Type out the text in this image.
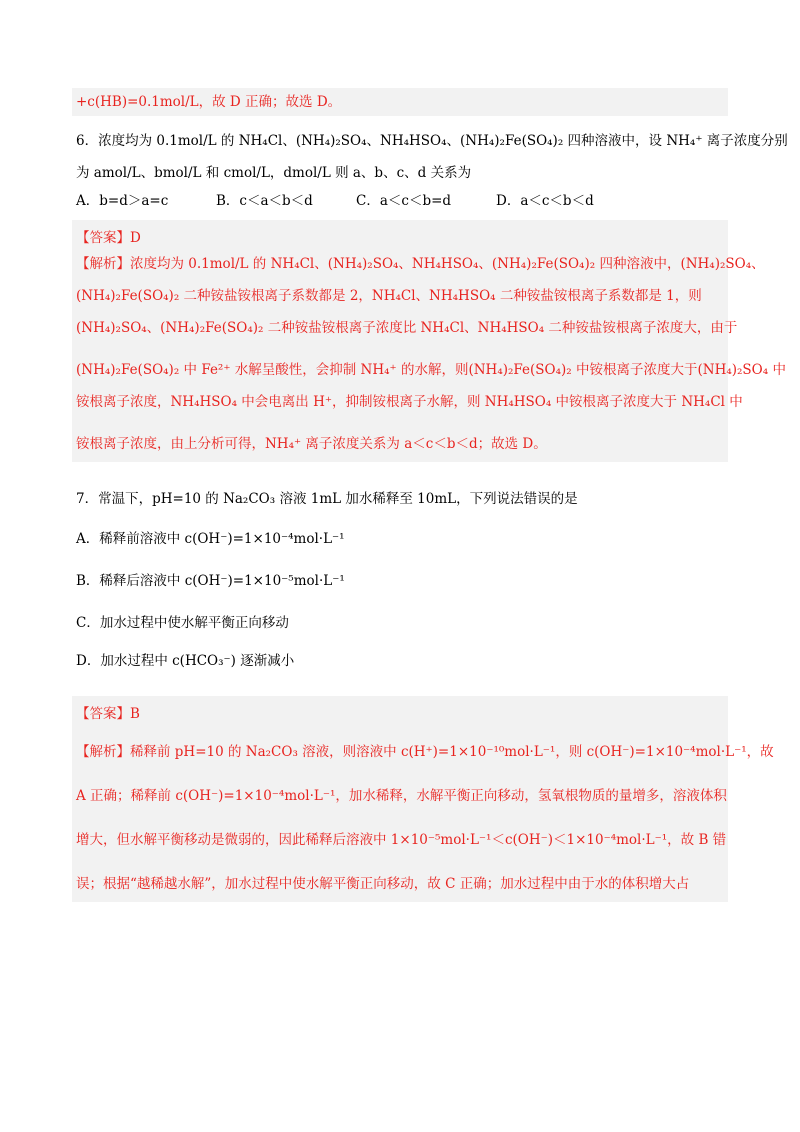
+c(HB)=0.1mol/L，故 D 正确；故选 D。
6．浓度均为 0.1mol/L 的 NH₄Cl、(NH₄)₂SO₄、NH₄HSO₄、(NH₄)₂Fe(SO₄)₂ 四种溶液中，设 NH₄⁺ 离子浓度分别
为 amol/L、bmol/L 和 cmol/L，dmol/L 则 a、b、c、d 关系为
A．b=d＞a=c	B．c＜a＜b＜d	C．a＜c＜b=d	D．a＜c＜b＜d
【答案】D
【解析】浓度均为 0.1mol/L 的 NH₄Cl、(NH₄)₂SO₄、NH₄HSO₄、(NH₄)₂Fe(SO₄)₂ 四种溶液中，(NH₄)₂SO₄、
(NH₄)₂Fe(SO₄)₂ 二种铵盐铵根离子系数都是 2，NH₄Cl、NH₄HSO₄ 二种铵盐铵根离子系数都是 1，则
(NH₄)₂SO₄、(NH₄)₂Fe(SO₄)₂ 二种铵盐铵根离子浓度比 NH₄Cl、NH₄HSO₄ 二种铵盐铵根离子浓度大，由于
(NH₄)₂Fe(SO₄)₂ 中 Fe²⁺ 水解呈酸性，会抑制 NH₄⁺ 的水解，则(NH₄)₂Fe(SO₄)₂ 中铵根离子浓度大于(NH₄)₂SO₄ 中
铵根离子浓度，NH₄HSO₄ 中会电离出 H⁺，抑制铵根离子水解，则 NH₄HSO₄ 中铵根离子浓度大于 NH₄Cl 中
铵根离子浓度，由上分析可得，NH₄⁺ 离子浓度关系为 a＜c＜b＜d；故选 D。
7．常温下，pH=10 的 Na₂CO₃ 溶液 1mL 加水稀释至 10mL，下列说法错误的是
A．稀释前溶液中 c(OH⁻)=1×10⁻⁴mol·L⁻¹
B．稀释后溶液中 c(OH⁻)=1×10⁻⁵mol·L⁻¹
C．加水过程中使水解平衡正向移动
D．加水过程中 c(HCO₃⁻) 逐渐减小
【答案】B
【解析】稀释前 pH=10 的 Na₂CO₃ 溶液，则溶液中 c(H⁺)=1×10⁻¹⁰mol·L⁻¹，则 c(OH⁻)=1×10⁻⁴mol·L⁻¹，故
A 正确；稀释前 c(OH⁻)=1×10⁻⁴mol·L⁻¹，加水稀释，水解平衡正向移动，氢氧根物质的量增多，溶液体积
增大，但水解平衡移动是微弱的，因此稀释后溶液中 1×10⁻⁵mol·L⁻¹＜c(OH⁻)＜1×10⁻⁴mol·L⁻¹，故 B 错
误；根据“越稀越水解”，加水过程中使水解平衡正向移动，故 C 正确；加水过程中由于水的体积增大占
